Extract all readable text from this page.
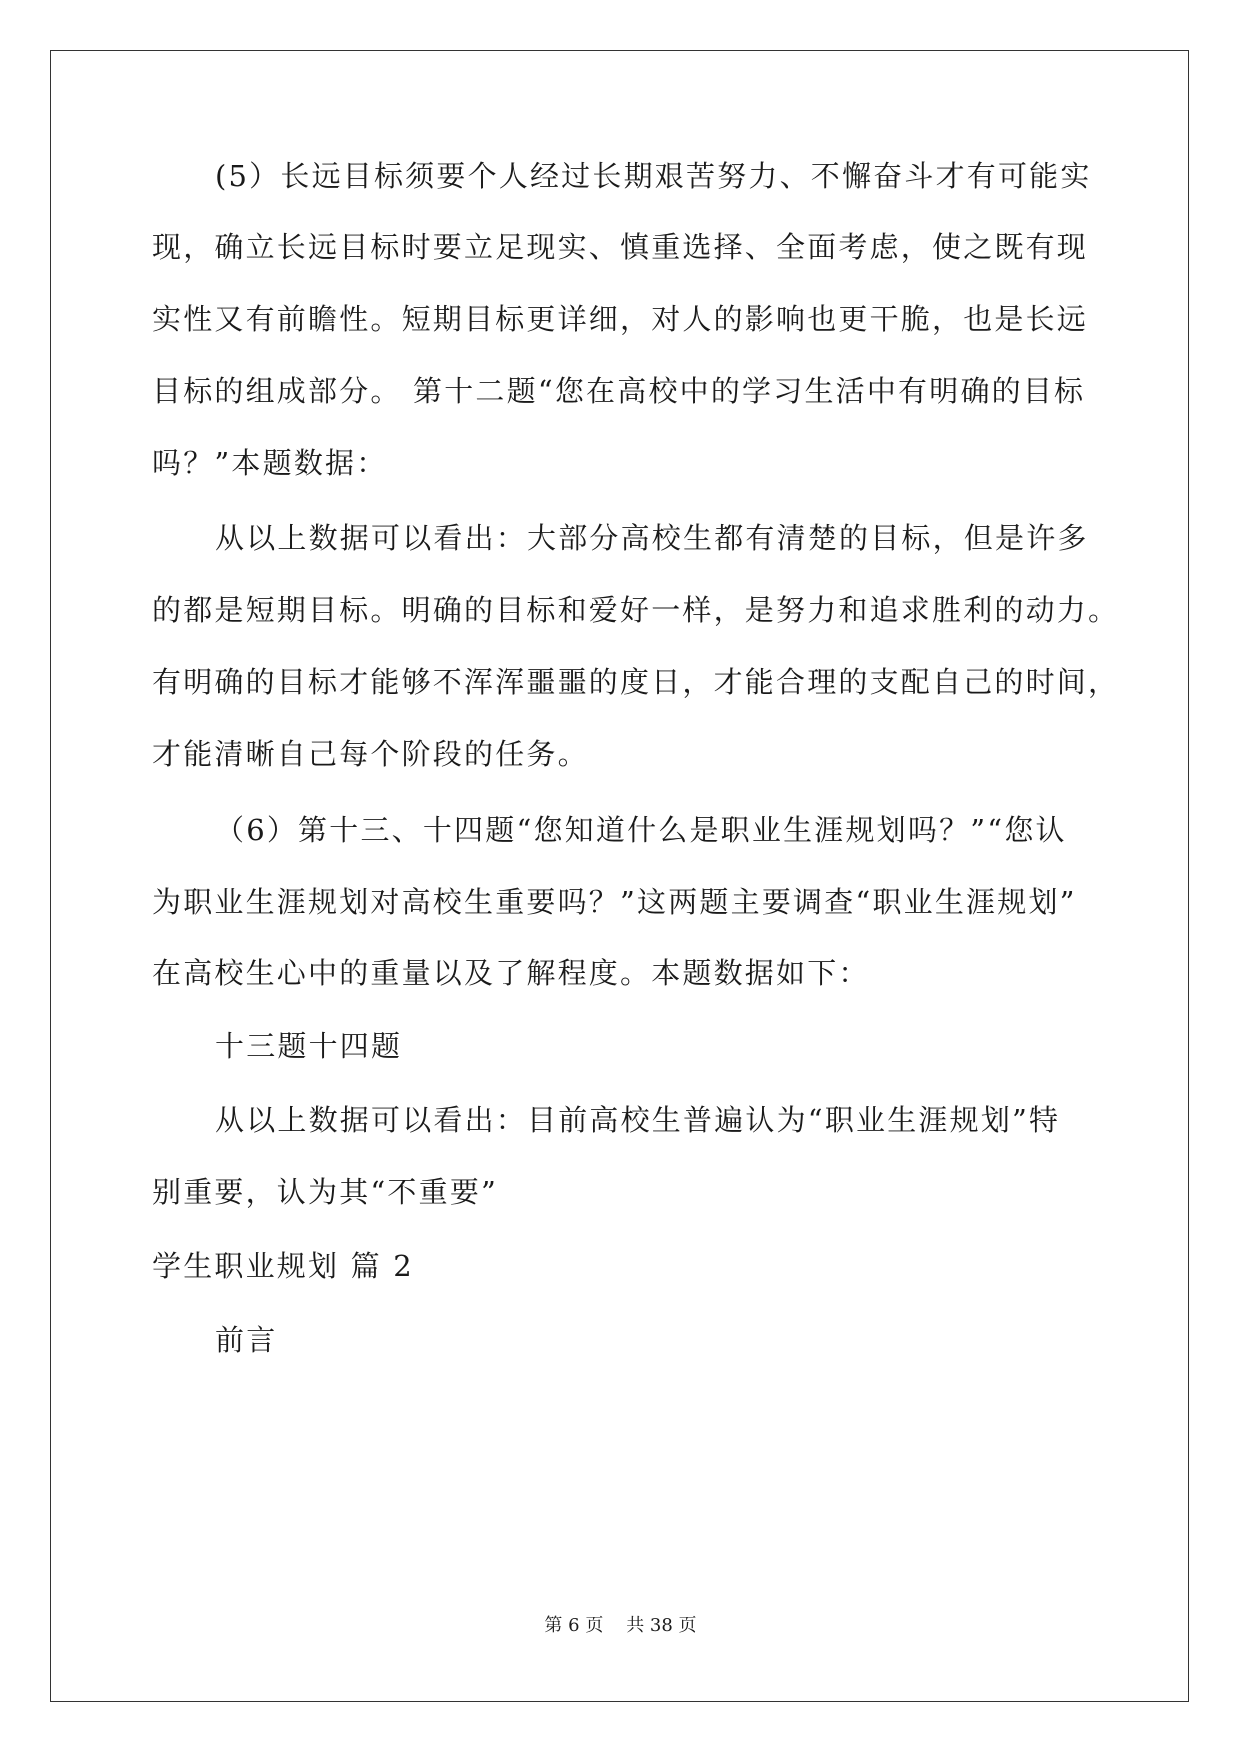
(5）长远目标须要个人经过长期艰苦努力、不懈奋斗才有可能实
现，确立长远目标时要立足现实、慎重选择、全面考虑，使之既有现
实性又有前瞻性。短期目标更详细，对人的影响也更干脆，也是长远
目标的组成部分。 第十二题“您在高校中的学习生活中有明确的目标
吗？”本题数据：
从以上数据可以看出：大部分高校生都有清楚的目标，但是许多
的都是短期目标。明确的目标和爱好一样，是努力和追求胜利的动力。
有明确的目标才能够不浑浑噩噩的度日，才能合理的支配自己的时间，
才能清晰自己每个阶段的任务。
（6）第十三、十四题“您知道什么是职业生涯规划吗？”“您认
为职业生涯规划对高校生重要吗？”这两题主要调查“职业生涯规划”
在高校生心中的重量以及了解程度。本题数据如下：
十三题十四题
从以上数据可以看出：目前高校生普遍认为“职业生涯规划”特
别重要，认为其“不重要”
学生职业规划 篇 2
前言
第 6 页    共 38 页
